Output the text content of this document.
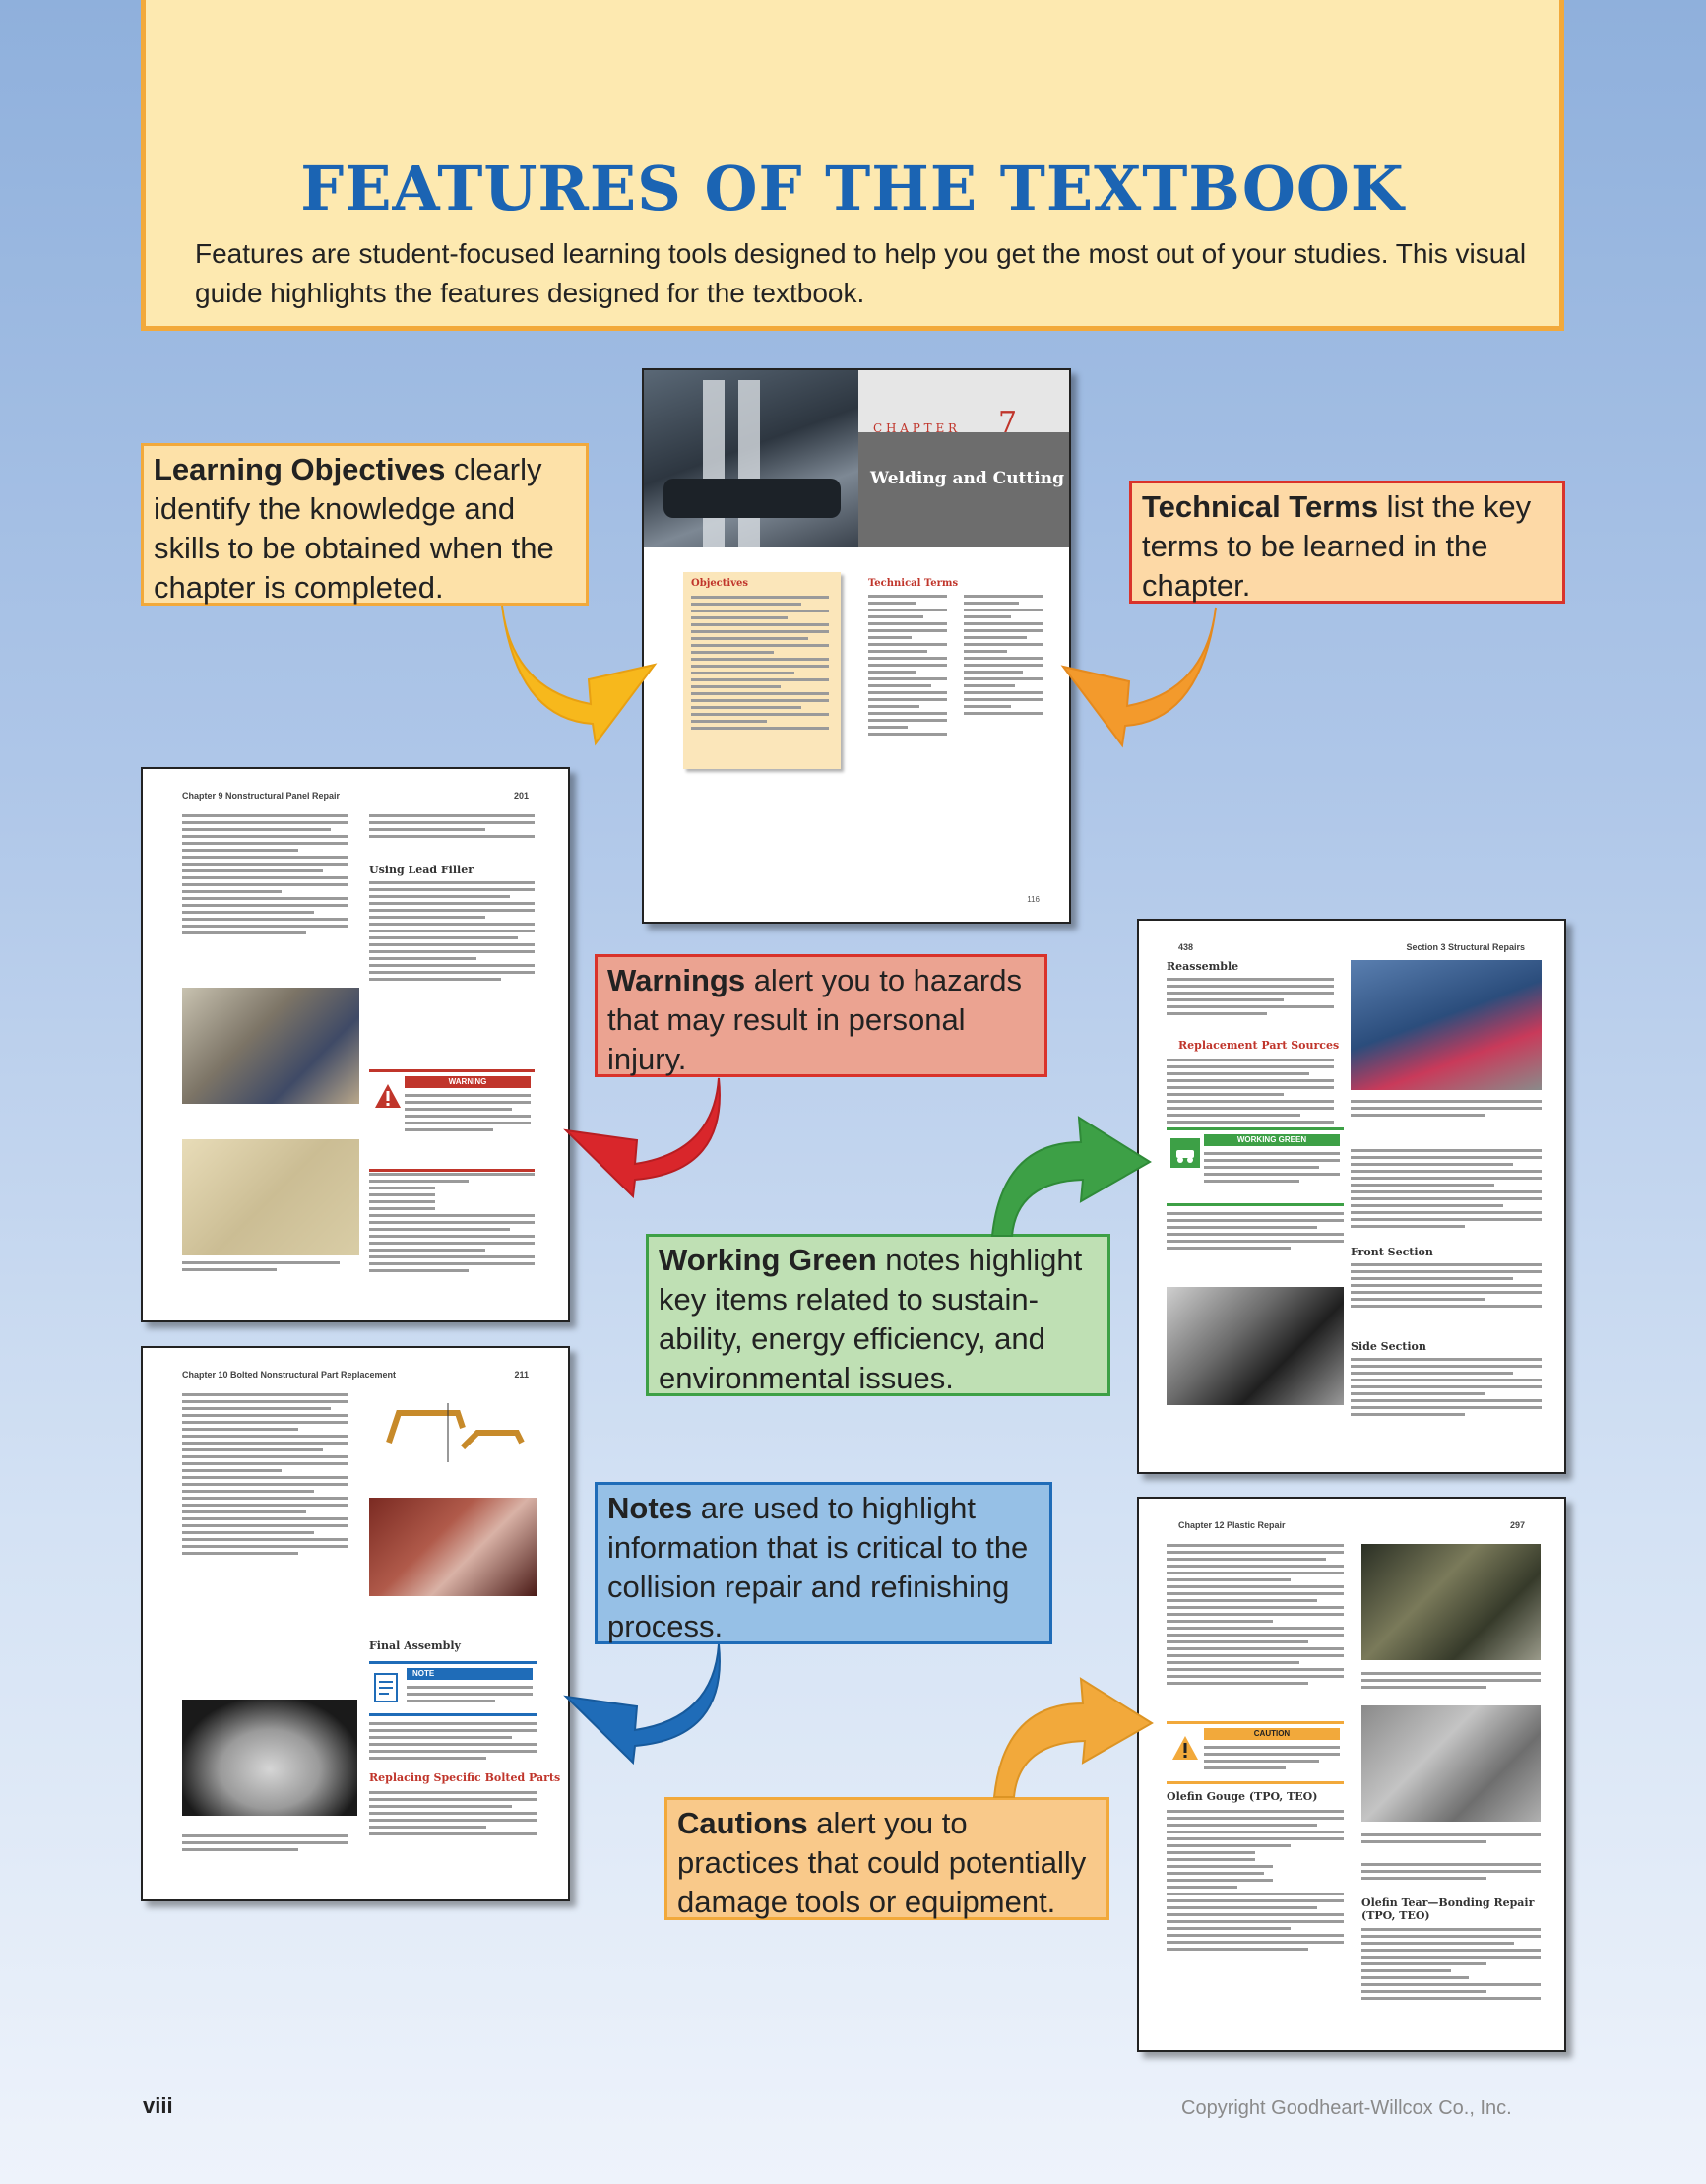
FEATURES OF THE TEXTBOOK
Features are student-focused learning tools designed to help you get the most out of your studies. This visual guide highlights the features designed for the textbook.
C H A P T E R 7
Welding and Cutting
Objectives	Technical Terms
116
Chapter 9 Nonstructural Panel Repair	201
Using Lead Filler
WARNING
438	Section 3 Structural Repairs
Reassemble
Replacement Part Sources
WORKING GREEN
Front Section
Side Section
Chapter 10 Bolted Nonstructural Part Replacement	211
Final Assembly
NOTE
Replacing Specific Bolted Parts
Chapter 12 Plastic Repair	297
CAUTION
Olefin Gouge (TPO, TEO)
Olefin Tear—Bonding Repair (TPO, TEO)
Learning Objectives clearly identify the knowledge and skills to be obtained when the chapter is completed.
Technical Terms list the key terms to be learned in the chapter.
Warnings alert you to hazards that may result in personal injury.
Working Green notes highlight key items related to sustain-ability, energy efficiency, and environmental issues.
Notes are used to highlight information that is critical to the collision repair and refinishing process.
Cautions alert you to practices that could potentially damage tools or equipment.
viii	Copyright Goodheart-Willcox Co., Inc.
